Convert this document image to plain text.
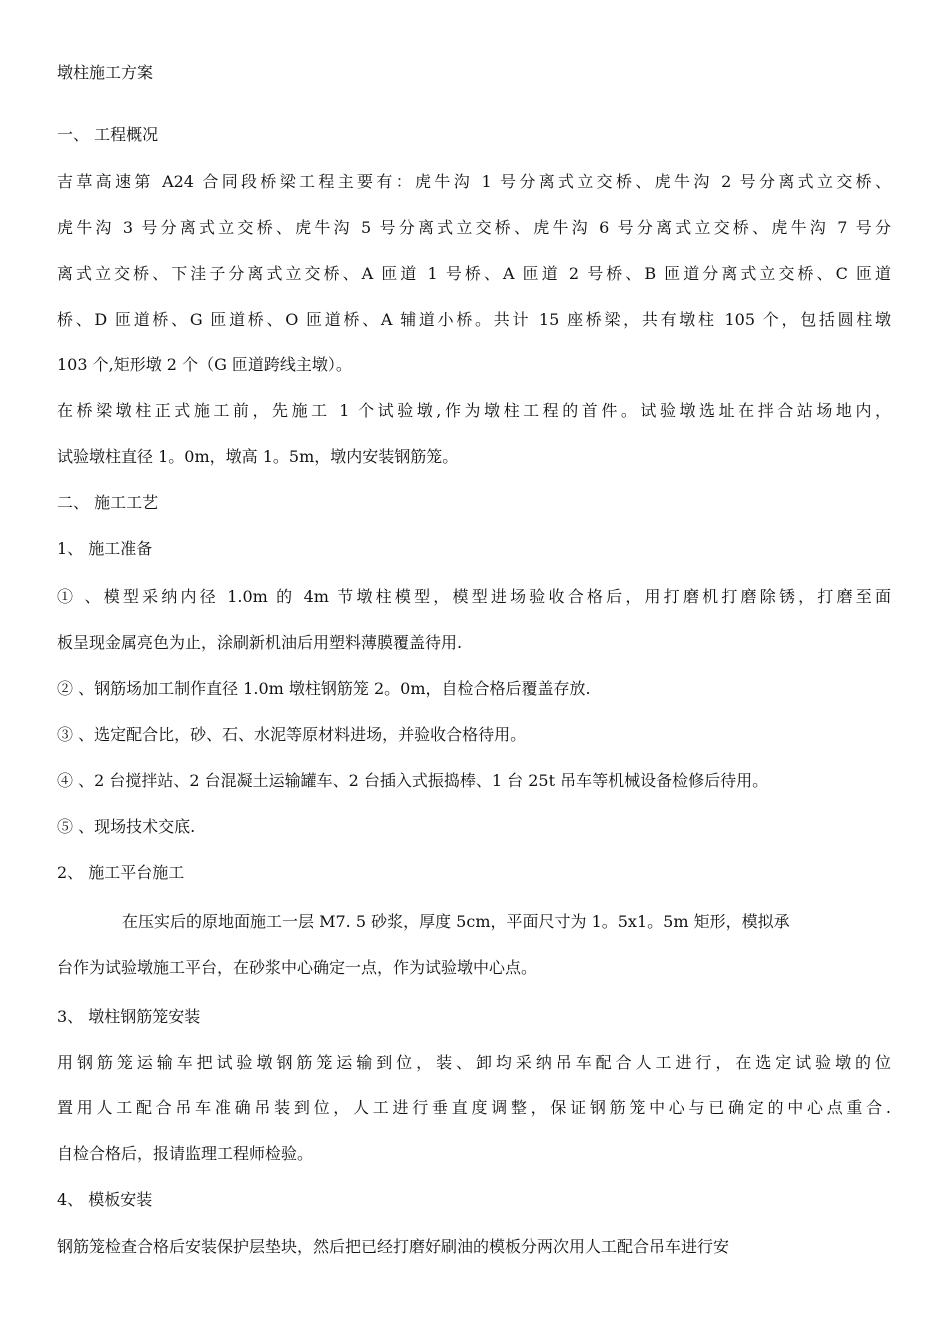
墩柱施工方案
一、 工程概况
吉草高速第 A24 合同段桥梁工程主要有：虎牛沟 1 号分离式立交桥、虎牛沟 2 号分离式立交桥、
虎牛沟 3 号分离式立交桥、虎牛沟 5 号分离式立交桥、虎牛沟 6 号分离式立交桥、虎牛沟 7 号分
离式立交桥、下洼子分离式立交桥、A 匝道 1 号桥、A 匝道 2 号桥、B 匝道分离式立交桥、C 匝道
桥、D 匝道桥、G 匝道桥、O 匝道桥、A 辅道小桥。共计 15 座桥梁，共有墩柱 105 个，包括圆柱墩
103 个,矩形墩 2 个（G 匝道跨线主墩）。
在桥梁墩柱正式施工前，先施工 1 个试验墩,作为墩柱工程的首件。试验墩选址在拌合站场地内，
试验墩柱直径 1。0m，墩高 1。5m，墩内安装钢筋笼。
二、 施工工艺
1、 施工准备
① 、模型采纳内径 1.0m 的 4m 节墩柱模型，模型进场验收合格后，用打磨机打磨除锈，打磨至面
板呈现金属亮色为止，涂刷新机油后用塑料薄膜覆盖待用.
② 、钢筋场加工制作直径 1.0m 墩柱钢筋笼 2。0m，自检合格后覆盖存放.
③ 、选定配合比，砂、石、水泥等原材料进场，并验收合格待用。
④ 、2 台搅拌站、2 台混凝土运输罐车、2 台插入式振捣棒、1 台 25t 吊车等机械设备检修后待用。
⑤ 、现场技术交底.
2、 施工平台施工
在压实后的原地面施工一层 M7. 5 砂浆，厚度 5cm，平面尺寸为 1。5x1。5m 矩形，模拟承
台作为试验墩施工平台，在砂浆中心确定一点，作为试验墩中心点。
3、 墩柱钢筋笼安装
用钢筋笼运输车把试验墩钢筋笼运输到位，装、卸均采纳吊车配合人工进行，在选定试验墩的位
置用人工配合吊车准确吊装到位，人工进行垂直度调整，保证钢筋笼中心与已确定的中心点重合.
自检合格后，报请监理工程师检验。
4、 模板安装
钢筋笼检查合格后安装保护层垫块，然后把已经打磨好刷油的模板分两次用人工配合吊车进行安
